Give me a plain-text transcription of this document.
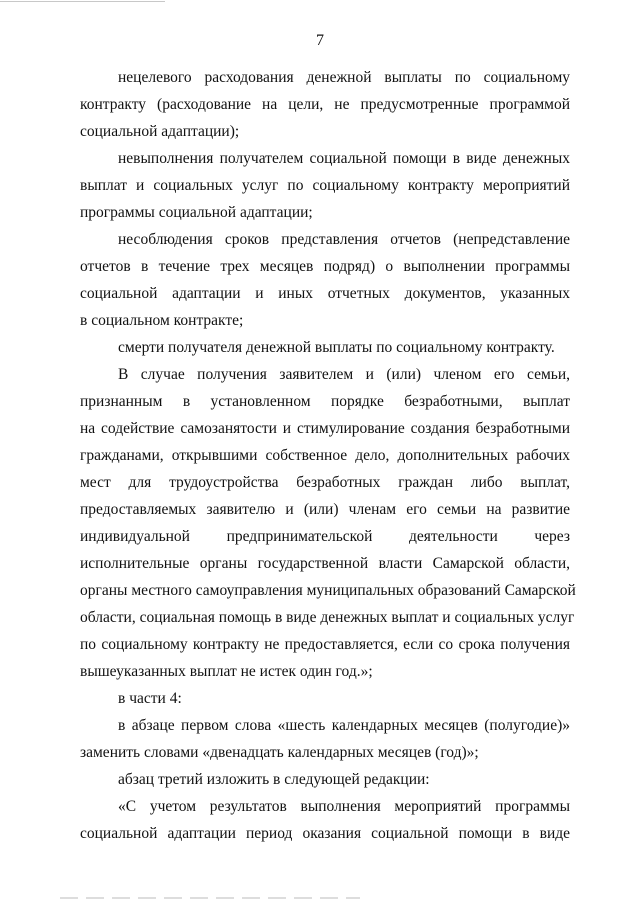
7
нецелевого расходования денежной выплаты по социальному
контракту (расходование на цели, не предусмотренные программой
социальной адаптации);
невыполнения получателем социальной помощи в виде денежных
выплат и социальных услуг по социальному контракту мероприятий
программы социальной адаптации;
несоблюдения сроков представления отчетов (непредставление
отчетов в течение трех месяцев подряд) о выполнении программы
социальной адаптации и иных отчетных документов, указанных
в социальном контракте;
смерти получателя денежной выплаты по социальному контракту.
В случае получения заявителем и (или) членом его семьи,
признанным в установленном порядке безработными, выплат
на содействие самозанятости и стимулирование создания безработными
гражданами, открывшими собственное дело, дополнительных рабочих
мест для трудоустройства безработных граждан либо выплат,
предоставляемых заявителю и (или) членам его семьи на развитие
индивидуальной предпринимательской деятельности через
исполнительные органы государственной власти Самарской области,
органы местного самоуправления муниципальных образований Самарской
области, социальная помощь в виде денежных выплат и социальных услуг
по социальному контракту не предоставляется, если со срока получения
вышеуказанных выплат не истек один год.»;
в части 4:
в абзаце первом слова «шесть календарных месяцев (полугодие)»
заменить словами «двенадцать календарных месяцев (год)»;
абзац третий изложить в следующей редакции:
«С учетом результатов выполнения мероприятий программы
социальной адаптации период оказания социальной помощи в виде
